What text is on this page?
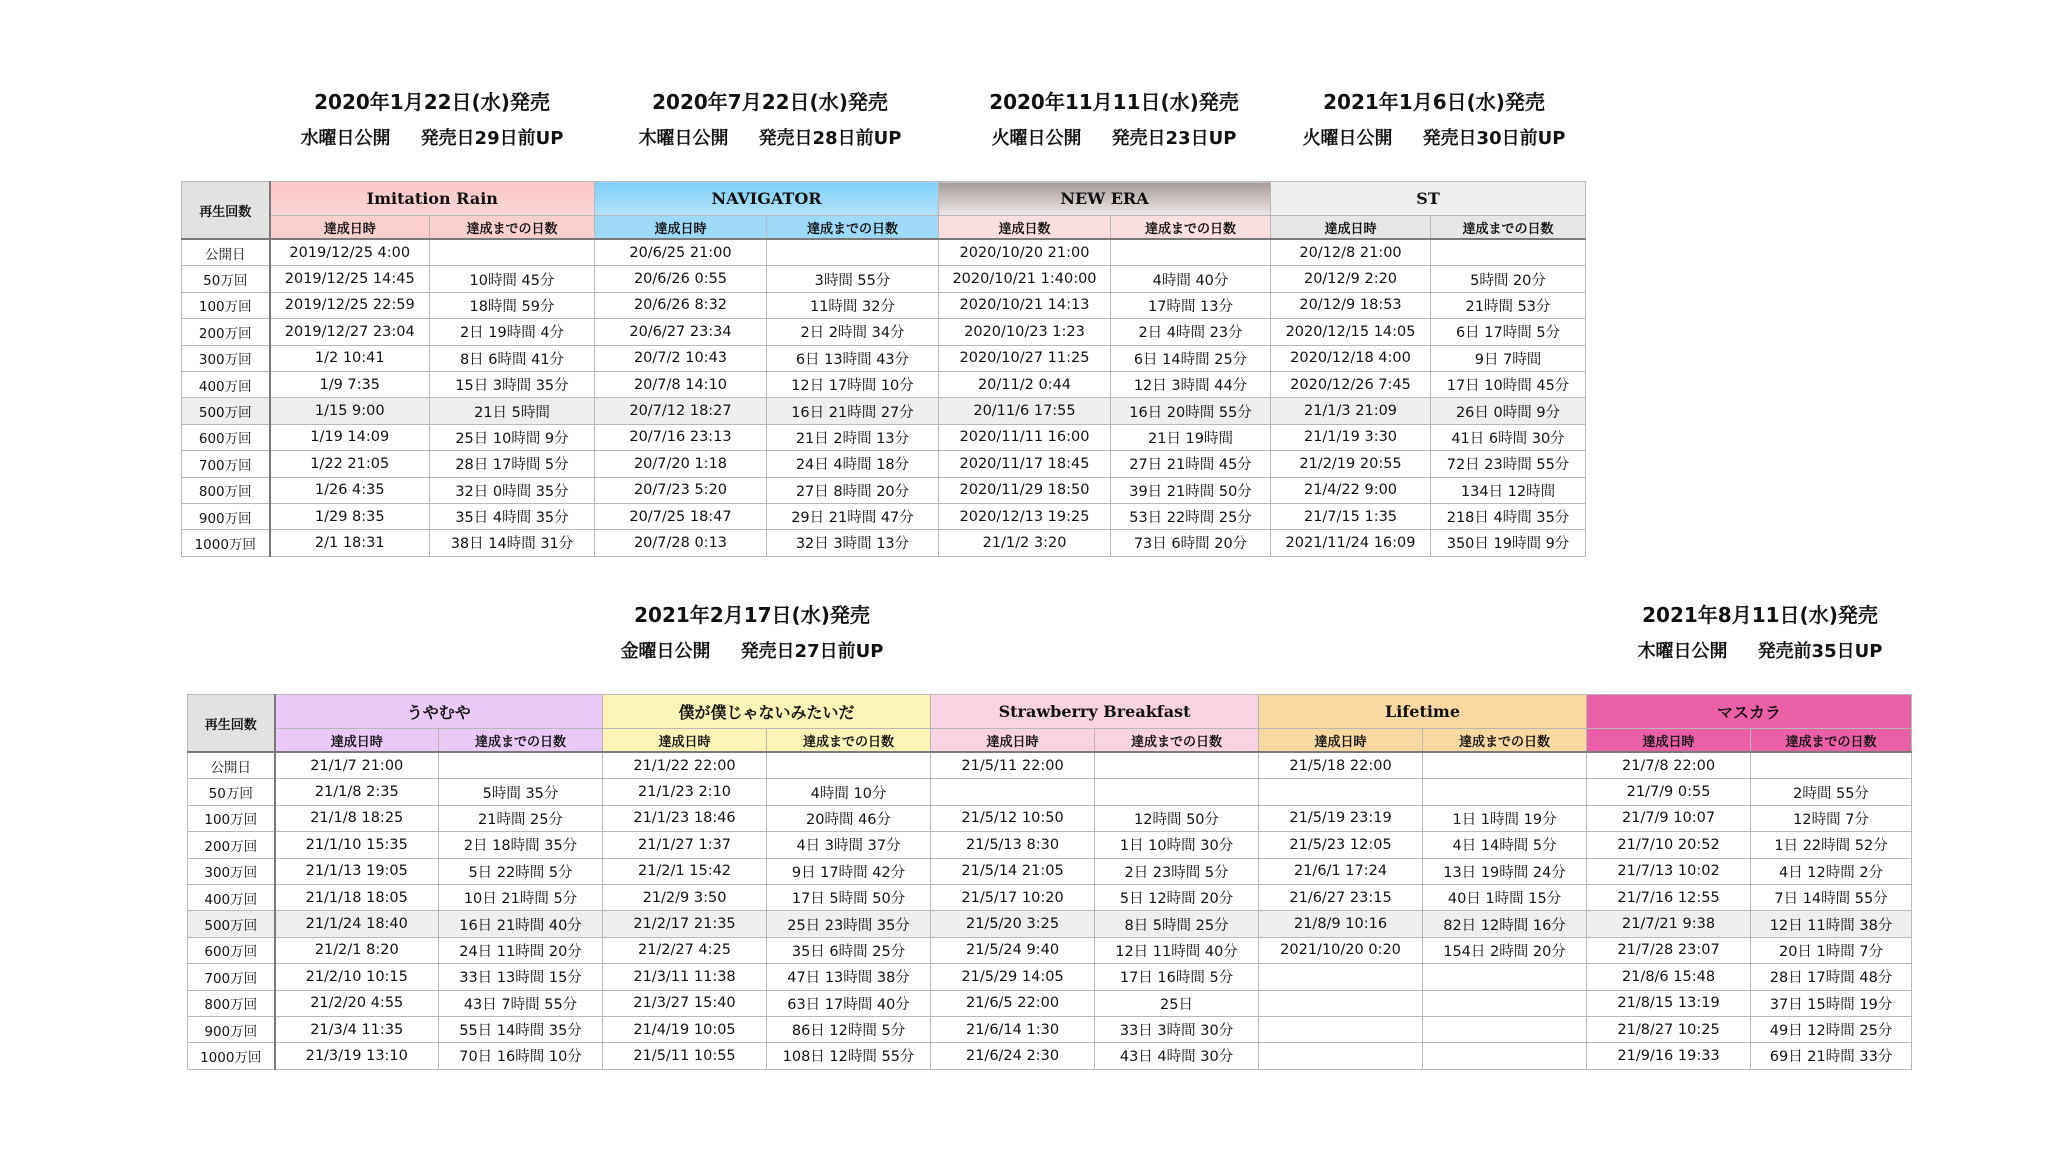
2020年1月22日(水)発売
水曜日公開 発売日29日前UP
2020年7月22日(水)発売
木曜日公開 発売日28日前UP
2020年11月11日(水)発売
火曜日公開 発売日23日UP
2021年1月6日(水)発売
火曜日公開 発売日30日前UP
再生回数	Imitation Rain		NAVIGATOR		NEW ERA		ST	
	達成日時	達成までの日数	達成日時	達成までの日数	達成日数	達成までの日数	達成日時	達成までの日数
公開日	2019/12/25 4:00		20/6/25 21:00		2020/10/20 21:00		20/12/8 21:00	
50万回	2019/12/25 14:45	10時間 45分	20/6/26 0:55	3時間 55分	2020/10/21 1:40:00	4時間 40分	20/12/9 2:20	5時間 20分
100万回	2019/12/25 22:59	18時間 59分	20/6/26 8:32	11時間 32分	2020/10/21 14:13	17時間 13分	20/12/9 18:53	21時間 53分
200万回	2019/12/27 23:04	2日 19時間 4分	20/6/27 23:34	2日 2時間 34分	2020/10/23 1:23	2日 4時間 23分	2020/12/15 14:05	6日 17時間 5分
300万回	1/2 10:41	8日 6時間 41分	20/7/2 10:43	6日 13時間 43分	2020/10/27 11:25	6日 14時間 25分	2020/12/18 4:00	9日 7時間
400万回	1/9 7:35	15日 3時間 35分	20/7/8 14:10	12日 17時間 10分	20/11/2 0:44	12日 3時間 44分	2020/12/26 7:45	17日 10時間 45分
500万回	1/15 9:00	21日 5時間	20/7/12 18:27	16日 21時間 27分	20/11/6 17:55	16日 20時間 55分	21/1/3 21:09	26日 0時間 9分
600万回	1/19 14:09	25日 10時間 9分	20/7/16 23:13	21日 2時間 13分	2020/11/11 16:00	21日 19時間	21/1/19 3:30	41日 6時間 30分
700万回	1/22 21:05	28日 17時間 5分	20/7/20 1:18	24日 4時間 18分	2020/11/17 18:45	27日 21時間 45分	21/2/19 20:55	72日 23時間 55分
800万回	1/26 4:35	32日 0時間 35分	20/7/23 5:20	27日 8時間 20分	2020/11/29 18:50	39日 21時間 50分	21/4/22 9:00	134日 12時間
900万回	1/29 8:35	35日 4時間 35分	20/7/25 18:47	29日 21時間 47分	2020/12/13 19:25	53日 22時間 25分	21/7/15 1:35	218日 4時間 35分
1000万回	2/1 18:31	38日 14時間 31分	20/7/28 0:13	32日 3時間 13分	21/1/2 3:20	73日 6時間 20分	2021/11/24 16:09	350日 19時間 9分
2021年2月17日(水)発売
金曜日公開 発売日27日前UP
2021年8月11日(水)発売
木曜日公開 発売前35日UP
再生回数	うやむや		僕が僕じゃないみたいだ		Strawberry Breakfast		Lifetime		マスカラ	
	達成日時	達成までの日数	達成日時	達成までの日数	達成日時	達成までの日数	達成日時	達成までの日数	達成日時	達成までの日数
公開日	21/1/7 21:00		21/1/22 22:00		21/5/11 22:00		21/5/18 22:00		21/7/8 22:00	
50万回	21/1/8 2:35	5時間 35分	21/1/23 2:10	4時間 10分					21/7/9 0:55	2時間 55分
100万回	21/1/8 18:25	21時間 25分	21/1/23 18:46	20時間 46分	21/5/12 10:50	12時間 50分	21/5/19 23:19	1日 1時間 19分	21/7/9 10:07	12時間 7分
200万回	21/1/10 15:35	2日 18時間 35分	21/1/27 1:37	4日 3時間 37分	21/5/13 8:30	1日 10時間 30分	21/5/23 12:05	4日 14時間 5分	21/7/10 20:52	1日 22時間 52分
300万回	21/1/13 19:05	5日 22時間 5分	21/2/1 15:42	9日 17時間 42分	21/5/14 21:05	2日 23時間 5分	21/6/1 17:24	13日 19時間 24分	21/7/13 10:02	4日 12時間 2分
400万回	21/1/18 18:05	10日 21時間 5分	21/2/9 3:50	17日 5時間 50分	21/5/17 10:20	5日 12時間 20分	21/6/27 23:15	40日 1時間 15分	21/7/16 12:55	7日 14時間 55分
500万回	21/1/24 18:40	16日 21時間 40分	21/2/17 21:35	25日 23時間 35分	21/5/20 3:25	8日 5時間 25分	21/8/9 10:16	82日 12時間 16分	21/7/21 9:38	12日 11時間 38分
600万回	21/2/1 8:20	24日 11時間 20分	21/2/27 4:25	35日 6時間 25分	21/5/24 9:40	12日 11時間 40分	2021/10/20 0:20	154日 2時間 20分	21/7/28 23:07	20日 1時間 7分
700万回	21/2/10 10:15	33日 13時間 15分	21/3/11 11:38	47日 13時間 38分	21/5/29 14:05	17日 16時間 5分			21/8/6 15:48	28日 17時間 48分
800万回	21/2/20 4:55	43日 7時間 55分	21/3/27 15:40	63日 17時間 40分	21/6/5 22:00	25日			21/8/15 13:19	37日 15時間 19分
900万回	21/3/4 11:35	55日 14時間 35分	21/4/19 10:05	86日 12時間 5分	21/6/14 1:30	33日 3時間 30分			21/8/27 10:25	49日 12時間 25分
1000万回	21/3/19 13:10	70日 16時間 10分	21/5/11 10:55	108日 12時間 55分	21/6/24 2:30	43日 4時間 30分			21/9/16 19:33	69日 21時間 33分
